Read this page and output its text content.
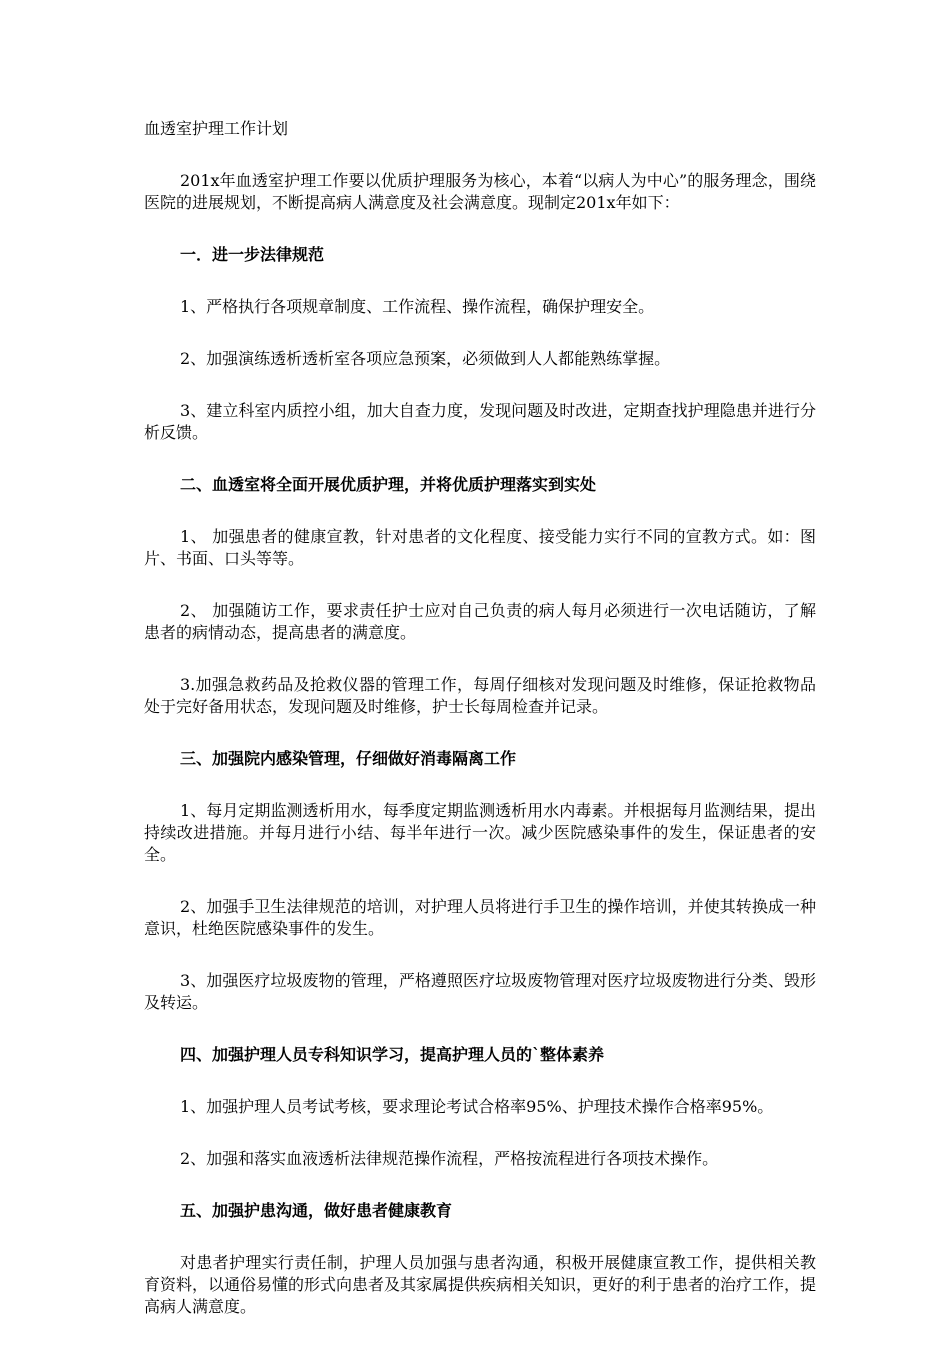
血透室护理工作计划

201x年血透室护理工作要以优质护理服务为核心，本着“以病人为中心”的服务理念，围绕医院的进展规划，不断提高病人满意度及社会满意度。现制定201x年如下：

一．进一步法律规范

1、严格执行各项规章制度、工作流程、操作流程，确保护理安全。

2、加强演练透析透析室各项应急预案，必须做到人人都能熟练掌握。

3、建立科室内质控小组，加大自查力度，发现问题及时改进，定期查找护理隐患并进行分析反馈。

二、血透室将全面开展优质护理，并将优质护理落实到实处

1、 加强患者的健康宣教，针对患者的文化程度、接受能力实行不同的宣教方式。如：图片、书面、口头等等。

2、 加强随访工作，要求责任护士应对自己负责的病人每月必须进行一次电话随访，了解患者的病情动态，提高患者的满意度。

3.加强急救药品及抢救仪器的管理工作，每周仔细核对发现问题及时维修，保证抢救物品处于完好备用状态，发现问题及时维修，护士长每周检查并记录。

三、加强院内感染管理，仔细做好消毒隔离工作

1、每月定期监测透析用水，每季度定期监测透析用水内毒素。并根据每月监测结果，提出持续改进措施。并每月进行小结、每半年进行一次。减少医院感染事件的发生，保证患者的安全。

2、加强手卫生法律规范的培训，对护理人员将进行手卫生的操作培训，并使其转换成一种意识，杜绝医院感染事件的发生。

3、加强医疗垃圾废物的管理，严格遵照医疗垃圾废物管理对医疗垃圾废物进行分类、毁形及转运。

四、加强护理人员专科知识学习，提高护理人员的`整体素养

1、加强护理人员考试考核，要求理论考试合格率95%、护理技术操作合格率95%。

2、加强和落实血液透析法律规范操作流程，严格按流程进行各项技术操作。

五、加强护患沟通，做好患者健康教育

对患者护理实行责任制，护理人员加强与患者沟通，积极开展健康宣教工作，提供相关教育资料，以通俗易懂的形式向患者及其家属提供疾病相关知识，更好的利于患者的治疗工作，提高病人满意度。
